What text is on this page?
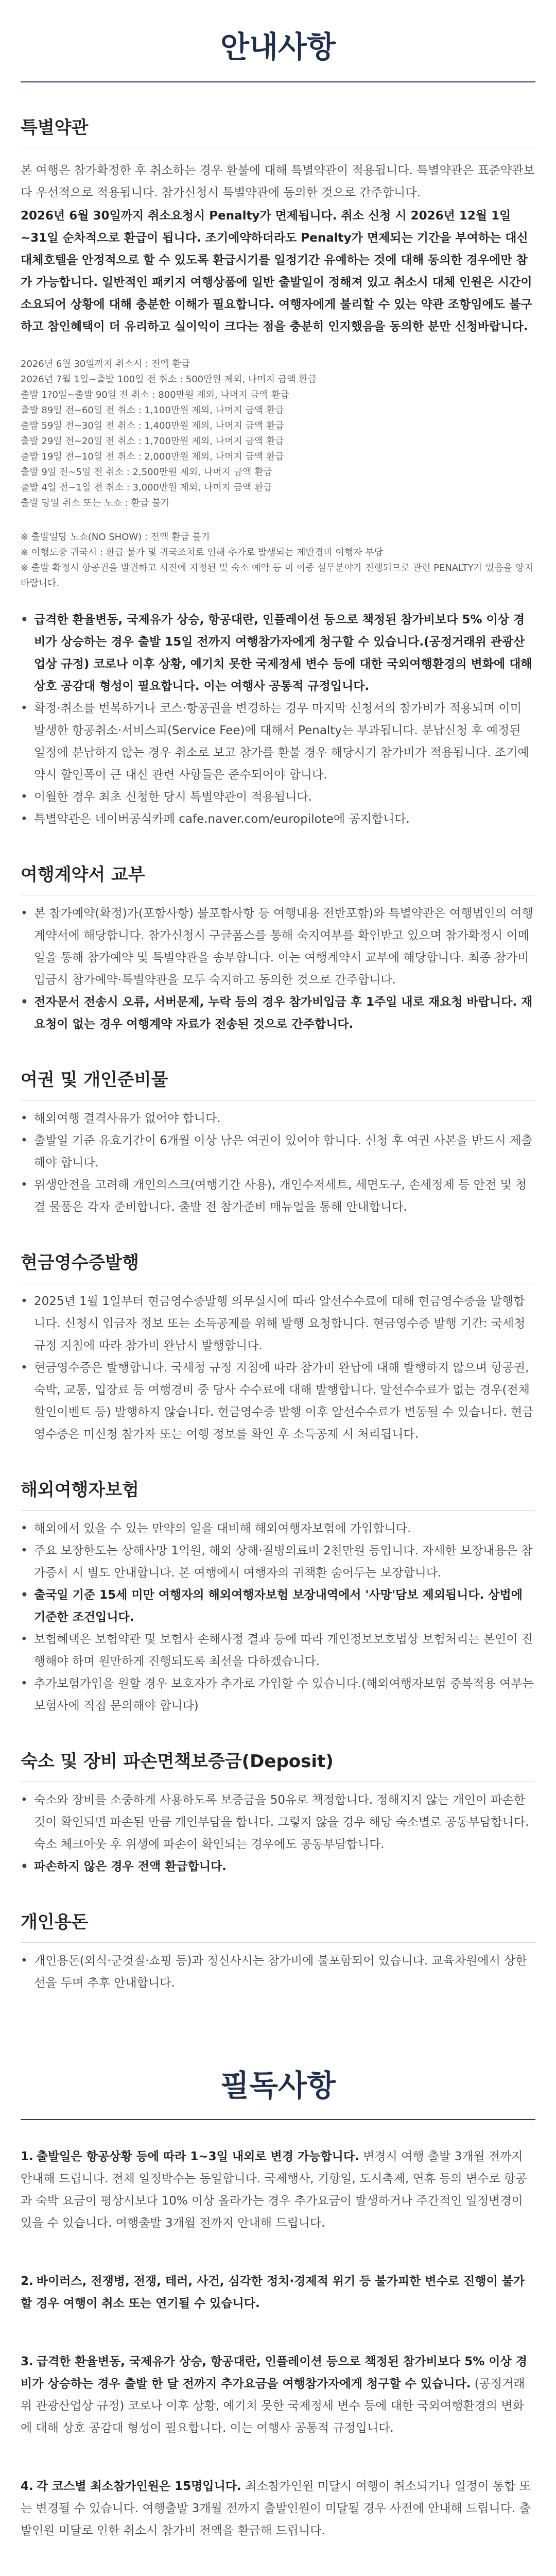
안내사항
특별약관

본 여행은 참가확정한 후 취소하는 경우 환불에 대해 특별약관이 적용됩니다. 특별약관은 표준약관보다 우선적으로 적용됩니다. 참가신청시 특별약관에 동의한 것으로 간주합니다.

2026년 6월 30일까지 취소요청시 Penalty가 면제됩니다. 취소 신청 시 2026년 12월 1일~31일 순차적으로 환급이 됩니다. 조기예약하더라도 Penalty가 면제되는 기간을 부여하는 대신 대체호텔을 안정적으로 할 수 있도록 환급시기를 일정기간 유예하는 것에 대해 동의한 경우에만 참가 가능합니다. 일반적인 패키지 여행상품에 일반 출발일이 정해져 있고 취소시 대체 인원은 시간이 소요되어 상황에 대해 충분한 이해가 필요합니다. 여행자에게 불리할 수 있는 약관 조항임에도 불구하고 참인혜택이 더 유리하고 실이익이 크다는 점을 충분히 인지했음을 동의한 분만 신청바랍니다.

2026년 6월 30일까지 취소시 : 전액 환급
2026년 7월 1일~출발 100일 전 취소 : 500만원 제외, 나머지 금액 환급
출발 1?0일~출발 90일 전 취소 : 800만원 제외, 나머지 금액 환급
출발 89일 전~60일 전 취소 : 1,100만원 제외, 나머지 금액 환급
출발 59일 전~30일 전 취소 : 1,400만원 제외, 나머지 금액 환급
출발 29일 전~20일 전 취소 : 1,700만원 제외, 나머지 금액 환급
출발 19일 전~10일 전 취소 : 2,000만원 제외, 나머지 금액 환급
출발 9일 전~5일 전 취소 : 2,500만원 제외, 나머지 금액 환급
출발 4일 전~1일 전 취소 : 3,000만원 제외, 나머지 금액 환급
출발 당일 취소 또는 노쇼 : 환급 불가

※ 출발일당 노쇼(NO SHOW) : 전액 환급 불가

※ 여행도중 귀국시 : 환급 불가 및 귀국조치로 인해 추가로 발생되는 제반경비 여행자 부담

※ 출발 확정시 항공권을 발권하고 시전에 지정된 및 숙소 예약 등 미 이중 실무분야가 진행되므로 관련 PENALTY가 있음을 양지바랍니다.

• 급격한 환율변동, 국제유가 상승, 항공대란, 인플레이션 등으로 책정된 참가비보다 5% 이상 경비가 상승하는 경우 출발 15일 전까지 여행참가자에게 청구할 수 있습니다.(공정거래위 관광산업상 규정) 코로나 이후 상황, 예기치 못한 국제정세 변수 등에 대한 국외여행환경의 변화에 대해 상호 공감대 형성이 필요합니다. 이는 여행사 공통적 규정입니다.
• 확정·취소를 번복하거나 코스·항공권을 변경하는 경우 마지막 신청서의 참가비가 적용되며 이미 발생한 항공취소·서비스피(Service Fee)에 대해서 Penalty는 부과됩니다. 분납신청 후 예정된 일정에 분납하지 않는 경우 취소로 보고 참가를 환불 경우 해당시기 참가비가 적용됩니다. 조기예약시 할인폭이 큰 대신 관련 사항들은 준수되어야 합니다.
• 이월한 경우 최초 신청한 당시 특별약관이 적용됩니다.
• 특별약관은 네이버공식카페 cafe.naver.com/europilote에 공지합니다.
여행계약서 교부
• 본 참가예약(확정)가(포함사항) 불포함사항 등 여행내용 전반포함)와 특별약관은 여행법인의 여행계약서에 해당합니다. 참가신청시 구글폼스를 통해 숙지여부를 확인받고 있으며 참가확정시 이메일을 통해 참가예약 및 특별약관을 송부합니다. 이는 여행계약서 교부에 해당합니다. 최종 참가비입금시 참가예약·특별약관을 모두 숙지하고 동의한 것으로 간주합니다.
• 전자문서 전송시 오류, 서버문제, 누락 등의 경우 참가비입금 후 1주일 내로 재요청 바랍니다. 재요청이 없는 경우 여행계약 자료가 전송된 것으로 간주합니다.
여권 및 개인준비물
• 해외여행 결격사유가 없어야 합니다.
• 출발일 기준 유효기간이 6개월 이상 남은 여권이 있어야 합니다. 신청 후 여권 사본을 반드시 제출해야 합니다.
• 위생안전을 고려해 개인의스크(여행기간 사용), 개인수저세트, 세면도구, 손세정제 등 안전 및 청결 물품은 각자 준비합니다. 출발 전 참가준비 매뉴얼을 통해 안내합니다.
현금영수증발행
• 2025년 1월 1일부터 현금영수증발행 의무실시에 따라 알선수수료에 대해 현금영수증을 발행합니다. 신청시 입금자 정보 또는 소득공제를 위해 발행 요청합니다. 현금영수증 발행 기간: 국세청 규정 지침에 따라 참가비 완납시 발행합니다.
• 현금영수증은 발행합니다. 국세청 규정 지침에 따라 참가비 완납에 대해 발행하지 않으며 항공권, 숙박, 교통, 입장료 등 여행경비 중 당사 수수료에 대해 발행합니다. 알선수수료가 없는 경우(전체 할인이벤트 등) 발행하지 않습니다. 현금영수증 발행 이후 알선수수료가 변동될 수 있습니다. 현금영수증은 미신청 참가자 또는 여행 정보를 확인 후 소득공제 시 처리됩니다.
해외여행자보험
• 해외에서 있을 수 있는 만약의 일을 대비해 해외여행자보험에 가입합니다.
• 주요 보장한도는 상해사망 1억원, 해외 상해·질병의료비 2천만원 등입니다. 자세한 보장내용은 참가증서 시 별도 안내합니다. 본 여행에서 여행자의 귀책환 숨어두는 보장합니다.
• 출국일 기준 15세 미만 여행자의 해외여행자보험 보장내역에서 '사망'담보 제외됩니다. 상법에 기준한 조건입니다.
• 보험혜택은 보험약관 및 보험사 손해사정 결과 등에 따라 개인정보보호법상 보험처리는 본인이 진행해야 하며 원만하게 진행되도록 최선을 다하겠습니다.
• 추가보험가입을 원할 경우 보호자가 추가로 가입할 수 있습니다.(해외여행자보험 중복적용 여부는 보험사에 직접 문의해야 합니다)
숙소 및 장비 파손면책보증금(Deposit)
• 숙소와 장비를 소중하게 사용하도록 보증금을 50유로 책정합니다. 정해지지 않는 개인이 파손한 것이 확인되면 파손된 만큼 개인부담을 합니다. 그렇지 않을 경우 해당 숙소별로 공동부담합니다. 숙소 체크아웃 후 위생에 파손이 확인되는 경우에도 공동부담합니다.
• 파손하지 않은 경우 전액 환급합니다.
개인용돈
• 개인용돈(외식·군것질·쇼핑 등)과 정신사시는 참가비에 불포함되어 있습니다. 교육차원에서 상한선을 두며 추후 안내합니다.
필독사항
1. 출발일은 항공상황 등에 따라 1~3일 내외로 변경 가능합니다. 변경시 여행 출발 3개월 전까지 안내해 드립니다. 전체 일정박수는 동일합니다. 국제행사, 기항일, 도시축제, 연휴 등의 변수로 항공과 숙박 요금이 평상시보다 10% 이상 올라가는 경우 추가요금이 발생하거나 주간적인 일정변경이 있을 수 있습니다. 여행출발 3개월 전까지 안내해 드립니다.
2. 바이러스, 전쟁병, 전쟁, 테러, 사건, 심각한 정치·경제적 위기 등 불가피한 변수로 진행이 불가할 경우 여행이 취소 또는 연기될 수 있습니다.
3. 급격한 환율변동, 국제유가 상승, 항공대란, 인플레이션 등으로 책정된 참가비보다 5% 이상 경비가 상승하는 경우 출발 한 달 전까지 추가요금을 여행참가자에게 청구할 수 있습니다. (공정거래위 관광산업상 규정) 코로나 이후 상황, 예기치 못한 국제정세 변수 등에 대한 국외여행환경의 변화에 대해 상호 공감대 형성이 필요합니다. 이는 여행사 공통적 규정입니다.
4. 각 코스별 최소참가인원은 15명입니다. 최소참가인원 미달시 여행이 취소되거나 일정이 통합 또는 변경될 수 있습니다. 여행출발 3개월 전까지 출발인원이 미달될 경우 사전에 안내해 드립니다. 출발인원 미달로 인한 취소시 참가비 전액을 환급해 드립니다.
